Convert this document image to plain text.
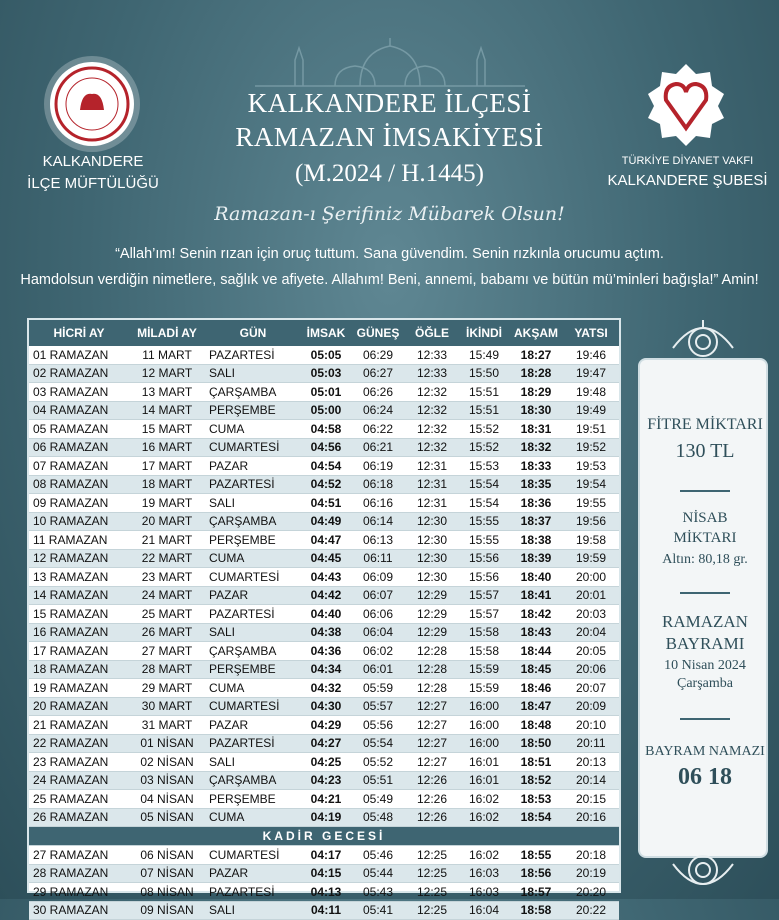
KALKANDERE
İLÇE MÜFTÜLÜĞÜ
TÜRKİYE DİYANET VAKFI
KALKANDERE ŞUBESİ
KALKANDERE İLÇESİ
RAMAZAN İMSAKİYESİ
(M.2024 / H.1445)
Ramazan-ı Şerifiniz Mübarek Olsun!
“Allah’ım! Senin rızan için oruç tuttum. Sana güvendim. Senin rızkınla orucumu açtım.
Hamdolsun verdiğin nimetlere, sağlık ve afiyete. Allahım! Beni, annemi, babamı ve bütün mü’minleri bağışla!” Amin!
HİCRİ AY	MİLADİ AY	GÜN	İMSAK	GÜNEŞ	ÖĞLE	İKİNDİ	AKŞAM	YATSI
01 RAMAZAN	11 MART	PAZARTESİ	05:05	06:29	12:33	15:49	18:27	19:46
02 RAMAZAN	12 MART	SALI	05:03	06:27	12:33	15:50	18:28	19:47
03 RAMAZAN	13 MART	ÇARŞAMBA	05:01	06:26	12:32	15:51	18:29	19:48
04 RAMAZAN	14 MART	PERŞEMBE	05:00	06:24	12:32	15:51	18:30	19:49
05 RAMAZAN	15 MART	CUMA	04:58	06:22	12:32	15:52	18:31	19:51
06 RAMAZAN	16 MART	CUMARTESİ	04:56	06:21	12:32	15:52	18:32	19:52
07 RAMAZAN	17 MART	PAZAR	04:54	06:19	12:31	15:53	18:33	19:53
08 RAMAZAN	18 MART	PAZARTESİ	04:52	06:18	12:31	15:54	18:35	19:54
09 RAMAZAN	19 MART	SALI	04:51	06:16	12:31	15:54	18:36	19:55
10 RAMAZAN	20 MART	ÇARŞAMBA	04:49	06:14	12:30	15:55	18:37	19:56
11 RAMAZAN	21 MART	PERŞEMBE	04:47	06:13	12:30	15:55	18:38	19:58
12 RAMAZAN	22 MART	CUMA	04:45	06:11	12:30	15:56	18:39	19:59
13 RAMAZAN	23 MART	CUMARTESİ	04:43	06:09	12:30	15:56	18:40	20:00
14 RAMAZAN	24 MART	PAZAR	04:42	06:07	12:29	15:57	18:41	20:01
15 RAMAZAN	25 MART	PAZARTESİ	04:40	06:06	12:29	15:57	18:42	20:03
16 RAMAZAN	26 MART	SALI	04:38	06:04	12:29	15:58	18:43	20:04
17 RAMAZAN	27 MART	ÇARŞAMBA	04:36	06:02	12:28	15:58	18:44	20:05
18 RAMAZAN	28 MART	PERŞEMBE	04:34	06:01	12:28	15:59	18:45	20:06
19 RAMAZAN	29 MART	CUMA	04:32	05:59	12:28	15:59	18:46	20:07
20 RAMAZAN	30 MART	CUMARTESİ	04:30	05:57	12:27	16:00	18:47	20:09
21 RAMAZAN	31 MART	PAZAR	04:29	05:56	12:27	16:00	18:48	20:10
22 RAMAZAN	01 NİSAN	PAZARTESİ	04:27	05:54	12:27	16:00	18:50	20:11
23 RAMAZAN	02 NİSAN	SALI	04:25	05:52	12:27	16:01	18:51	20:13
24 RAMAZAN	03 NİSAN	ÇARŞAMBA	04:23	05:51	12:26	16:01	18:52	20:14
25 RAMAZAN	04 NİSAN	PERŞEMBE	04:21	05:49	12:26	16:02	18:53	20:15
26 RAMAZAN	05 NİSAN	CUMA	04:19	05:48	12:26	16:02	18:54	20:16
KADİR GECESİ								
27 RAMAZAN	06 NİSAN	CUMARTESİ	04:17	05:46	12:25	16:02	18:55	20:18
28 RAMAZAN	07 NİSAN	PAZAR	04:15	05:44	12:25	16:03	18:56	20:19
29 RAMAZAN	08 NİSAN	PAZARTESİ	04:13	05:43	12:25	16:03	18:57	20:20
30 RAMAZAN	09 NİSAN	SALI	04:11	05:41	12:25	16:04	18:58	20:22
FİTRE MİKTARI
130 TL
NİSAB
MİKTARI
Altın: 80,18 gr.
RAMAZAN
BAYRAMI
10 Nisan 2024
Çarşamba
BAYRAM NAMAZI
06 18
